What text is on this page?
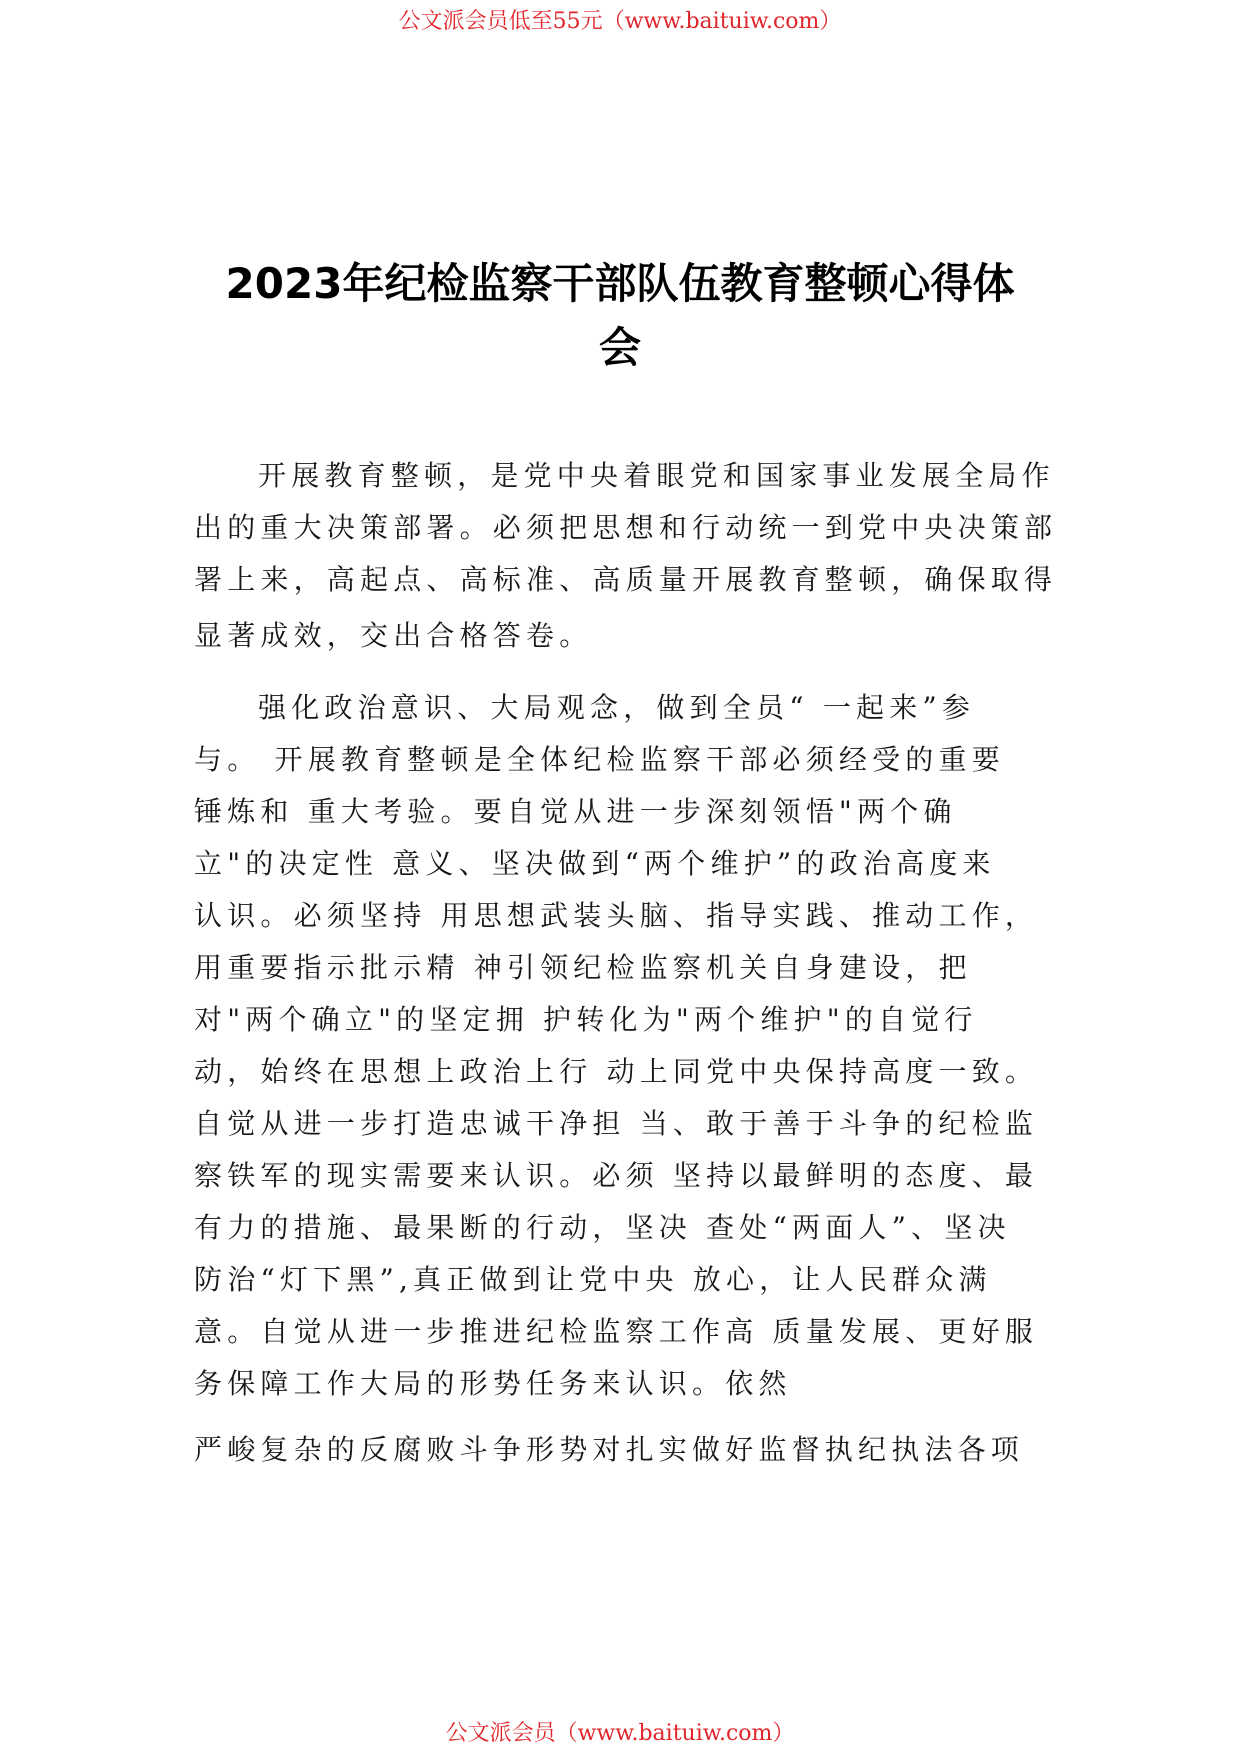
公文派会员低至55元（www.baituiw.com）
2023年纪检监察干部队伍教育整顿心得体
会
开展教育整顿，是党中央着眼党和国家事业发展全局作
出的重大决策部署。必须把思想和行动统一到党中央决策部
署上来，高起点、高标准、高质量开展教育整顿，确保取得
显著成效，交出合格答卷。
强化政治意识、大局观念，做到全员“ 一起来”参
与。 开展教育整顿是全体纪检监察干部必须经受的重要
锤炼和 重大考验。要自觉从进一步深刻领悟"两个确
立"的决定性 意义、坚决做到“两个维护”的政治高度来
认识。必须坚持 用思想武装头脑、指导实践、推动工作，
用重要指示批示精 神引领纪检监察机关自身建设，把
对"两个确立"的坚定拥 护转化为"两个维护"的自觉行
动，始终在思想上政治上行 动上同党中央保持高度一致。
自觉从进一步打造忠诚干净担 当、敢于善于斗争的纪检监
察铁军的现实需要来认识。必须 坚持以最鲜明的态度、最
有力的措施、最果断的行动，坚决 查处“两面人”、坚决
防治“灯下黑”,真正做到让党中央 放心，让人民群众满
意。自觉从进一步推进纪检监察工作高 质量发展、更好服
务保障工作大局的形势任务来认识。依然
严峻复杂的反腐败斗争形势对扎实做好监督执纪执法各项
公文派会员（www.baituiw.com）
